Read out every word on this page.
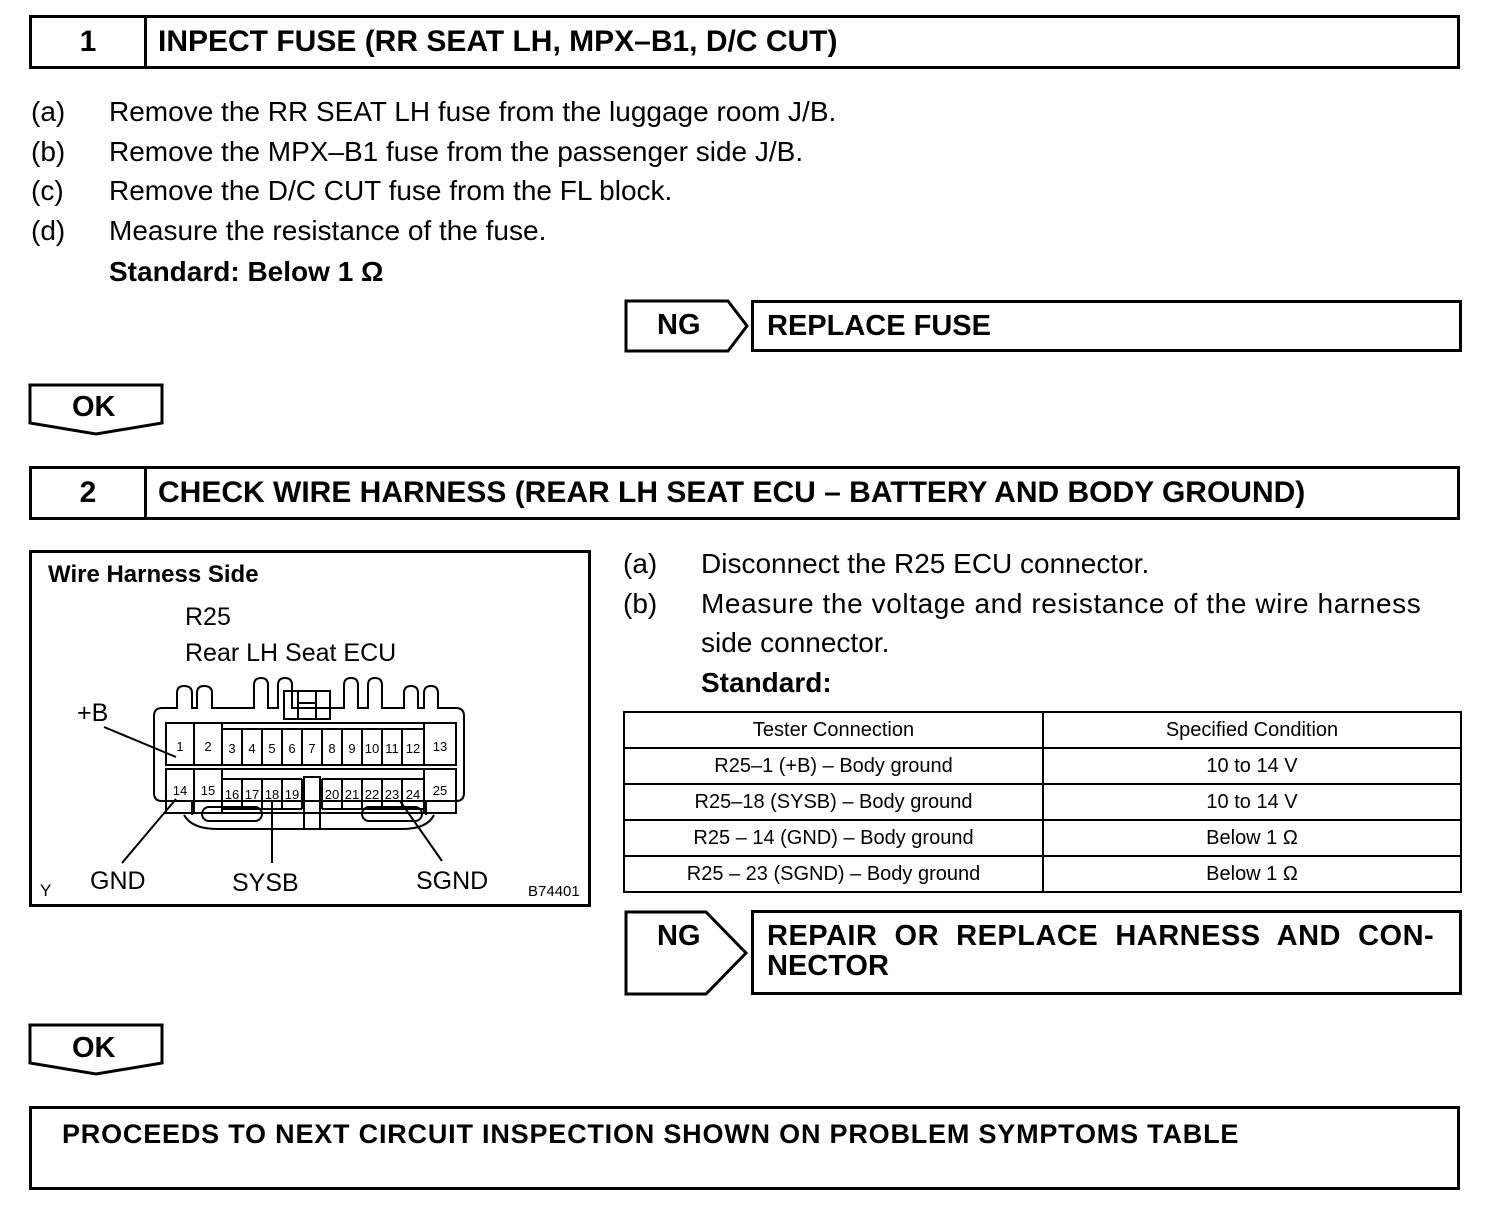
1	INPECT FUSE (RR SEAT LH, MPX–B1, D/C CUT)
(a) Remove the RR SEAT LH fuse from the luggage room J/B.
(b) Remove the MPX–B1 fuse from the passenger side J/B.
(c) Remove the D/C CUT fuse from the FL block.
(d) Measure the resistance of the fuse.
Standard: Below 1 Ω
NG	REPLACE FUSE
OK
2	CHECK WIRE HARNESS (REAR LH SEAT ECU – BATTERY AND BODY GROUND)
Wire Harness Side
R25
Rear LH Seat ECU
1 2 3 4 5 6 7 8 9 10 11 12 13
14 15 16 17 18 19 20 21 22 23 24 25
+B
GND	SYSB	SGND
Y	B74401
(a) Disconnect the R25 ECU connector.
(b) Measure the voltage and resistance of the wire harness
side connector.
Standard:
Tester Connection	Specified Condition
R25–1 (+B) – Body ground	10 to 14 V
R25–18 (SYSB) – Body ground	10 to 14 V
R25 – 14 (GND) – Body ground	Below 1 Ω
R25 – 23 (SGND) – Body ground	Below 1 Ω
NG REPAIR  OR  REPLACE  HARNESS  AND  CON-
NECTOR
OK
PROCEEDS TO NEXT CIRCUIT INSPECTION SHOWN ON PROBLEM SYMPTOMS TABLE
